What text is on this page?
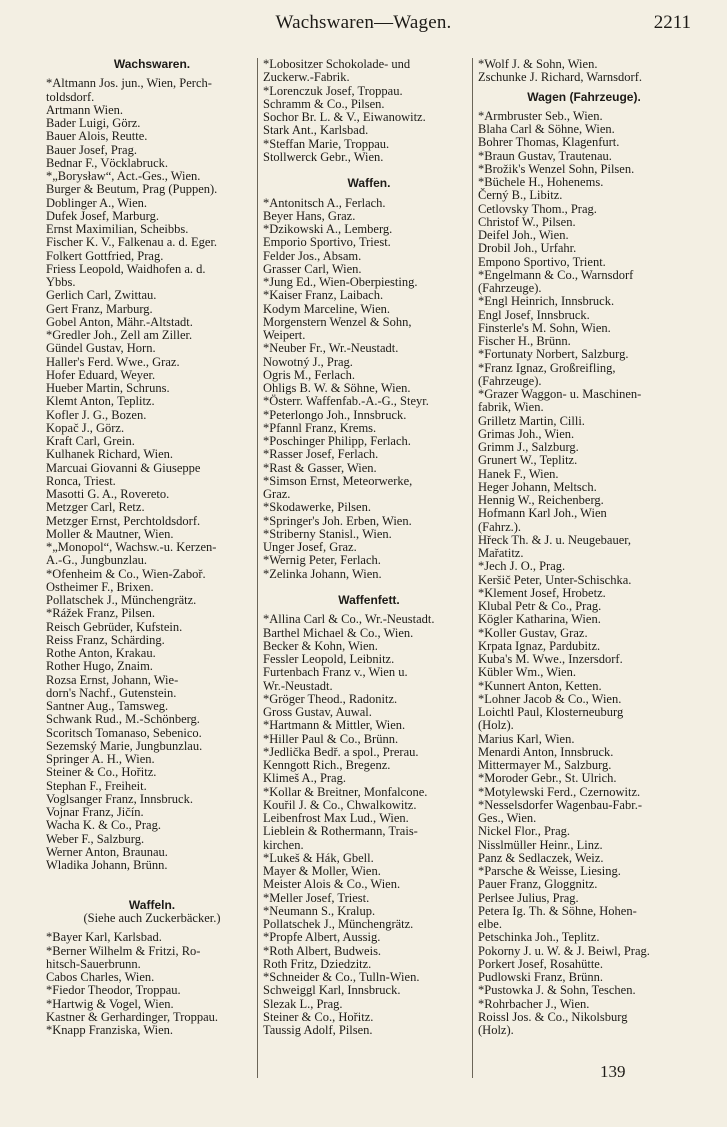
Wachswaren—Wagen.	2211
Wachswaren.
*Altmann Jos. jun., Wien, Perch-
toldsdorf.
Artmann Wien.
Bader Luigi, Görz.
Bauer Alois, Reutte.
Bauer Josef, Prag.
Bednar F., Vöcklabruck.
*„Borysław“, Act.-Ges., Wien.
Burger & Beutum, Prag (Puppen).
Doblinger A., Wien.
Dufek Josef, Marburg.
Ernst Maximilian, Scheibbs.
Fischer K. V., Falkenau a. d. Eger.
Folkert Gottfried, Prag.
Friess Leopold, Waidhofen a. d.
Ybbs.
Gerlich Carl, Zwittau.
Gert Franz, Marburg.
Gobel Anton, Mähr.-Altstadt.
*Gredler Joh., Zell am Ziller.
Gündel Gustav, Horn.
Haller's Ferd. Wwe., Graz.
Hofer Eduard, Weyer.
Hueber Martin, Schruns.
Klemt Anton, Teplitz.
Kofler J. G., Bozen.
Kopač J., Görz.
Kraft Carl, Grein.
Kulhanek Richard, Wien.
Marcuai Giovanni & Giuseppe
Ronca, Triest.
Masotti G. A., Rovereto.
Metzger Carl, Retz.
Metzger Ernst, Perchtoldsdorf.
Moller & Mautner, Wien.
*„Monopol“, Wachsw.-u. Kerzen-
A.-G., Jungbunzlau.
*Ofenheim & Co., Wien-Zaboř.
Ostheimer F., Brixen.
Pollatschek J., Münchengrätz.
*Rážek Franz, Pilsen.
Reisch Gebrüder, Kufstein.
Reiss Franz, Schärding.
Rothe Anton, Krakau.
Rother Hugo, Znaim.
Rozsa Ernst, Johann, Wie-
dorn's Nachf., Gutenstein.
Santner Aug., Tamsweg.
Schwank Rud., M.-Schönberg.
Scoritsch Tomanaso, Sebenico.
Sezemský Marie, Jungbunzlau.
Springer A. H., Wien.
Steiner & Co., Hořitz.
Stephan F., Freiheit.
Voglsanger Franz, Innsbruck.
Vojnar Franz, Jičín.
Wacha K. & Co., Prag.
Weber F., Salzburg.
Werner Anton, Braunau.
Wladika Johann, Brünn.
Waffeln.
(Siehe auch Zuckerbäcker.)
*Bayer Karl, Karlsbad.
*Berner Wilhelm & Fritzi, Ro-
hitsch-Sauerbrunn.
Cabos Charles, Wien.
*Fiedor Theodor, Troppau.
*Hartwig & Vogel, Wien.
Kastner & Gerhardinger, Troppau.
*Knapp Franziska, Wien.
*Lobositzer Schokolade- und
Zuckerw.-Fabrik.
*Lorenczuk Josef, Troppau.
Schramm & Co., Pilsen.
Sochor Br. L. & V., Eiwanowitz.
Stark Ant., Karlsbad.
*Steffan Marie, Troppau.
Stollwerck Gebr., Wien.
Waffen.
*Antonitsch A., Ferlach.
Beyer Hans, Graz.
*Dzikowski A., Lemberg.
Emporio Sportivo, Triest.
Felder Jos., Absam.
Grasser Carl, Wien.
*Jung Ed., Wien-Oberpiesting.
*Kaiser Franz, Laibach.
Kodym Marceline, Wien.
Morgenstern Wenzel & Sohn,
Weipert.
*Neuber Fr., Wr.-Neustadt.
Nowotný J., Prag.
Ogris M., Ferlach.
Ohligs B. W. & Söhne, Wien.
*Österr. Waffenfab.-A.-G., Steyr.
*Peterlongo Joh., Innsbruck.
*Pfannl Franz, Krems.
*Poschinger Philipp, Ferlach.
*Rasser Josef, Ferlach.
*Rast & Gasser, Wien.
*Simson Ernst, Meteorwerke,
Graz.
*Skodawerke, Pilsen.
*Springer's Joh. Erben, Wien.
*Striberny Stanisl., Wien.
Unger Josef, Graz.
*Wernig Peter, Ferlach.
*Zelinka Johann, Wien.
Waffenfett.
*Allina Carl & Co., Wr.-Neustadt.
Barthel Michael & Co., Wien.
Becker & Kohn, Wien.
Fessler Leopold, Leibnitz.
Furtenbach Franz v., Wien u.
Wr.-Neustadt.
*Gröger Theod., Radonitz.
Gross Gustav, Auwal.
*Hartmann & Mittler, Wien.
*Hiller Paul & Co., Brünn.
*Jedlička Bedř. a spol., Prerau.
Kenngott Rich., Bregenz.
Klimeš A., Prag.
*Kollar & Breitner, Monfalcone.
Kouřil J. & Co., Chwalkowitz.
Leibenfrost Max Lud., Wien.
Lieblein & Rothermann, Trais-
kirchen.
*Lukeš & Hák, Gbell.
Mayer & Moller, Wien.
Meister Alois & Co., Wien.
*Meller Josef, Triest.
*Neumann S., Kralup.
Pollatschek J., Münchengrätz.
*Propfe Albert, Aussig.
*Roth Albert, Budweis.
Roth Fritz, Dziedzitz.
*Schneider & Co., Tulln-Wien.
Schweiggl Karl, Innsbruck.
Slezak L., Prag.
Steiner & Co., Hořitz.
Taussig Adolf, Pilsen.
*Wolf J. & Sohn, Wien.
Zschunke J. Richard, Warnsdorf.
Wagen (Fahrzeuge).
*Armbruster Seb., Wien.
Blaha Carl & Söhne, Wien.
Bohrer Thomas, Klagenfurt.
*Braun Gustav, Trautenau.
*Brožik's Wenzel Sohn, Pilsen.
*Büchele H., Hohenems.
Černý B., Libitz.
Cetlovsky Thom., Prag.
Christof W., Pilsen.
Deifel Joh., Wien.
Drobil Joh., Urfahr.
Empono Sportivo, Trient.
*Engelmann & Co., Warnsdorf
(Fahrzeuge).
*Engl Heinrich, Innsbruck.
Engl Josef, Innsbruck.
Finsterle's M. Sohn, Wien.
Fischer H., Brünn.
*Fortunaty Norbert, Salzburg.
*Franz Ignaz, Großreifling,
(Fahrzeuge).
*Grazer Waggon- u. Maschinen-
fabrik, Wien.
Grilletz Martin, Cilli.
Grimas Joh., Wien.
Grimm J., Salzburg.
Grunert W., Teplitz.
Hanek F., Wien.
Heger Johann, Meltsch.
Hennig W., Reichenberg.
Hofmann Karl Joh., Wien
(Fahrz.).
Hřeck Th. & J. u. Neugebauer,
Mařatitz.
*Jech J. O., Prag.
Keršič Peter, Unter-Schischka.
*Klement Josef, Hrobetz.
Klubal Petr & Co., Prag.
Kögler Katharina, Wien.
*Koller Gustav, Graz.
Krpata Ignaz, Pardubitz.
Kuba's M. Wwe., Inzersdorf.
Kübler Wm., Wien.
*Kunnert Anton, Ketten.
*Lohner Jacob & Co., Wien.
Loichtl Paul, Klosterneuburg
(Holz).
Marius Karl, Wien.
Menardi Anton, Innsbruck.
Mittermayer M., Salzburg.
*Moroder Gebr., St. Ulrich.
*Motylewski Ferd., Czernowitz.
*Nesselsdorfer Wagenbau-Fabr.-
Ges., Wien.
Nickel Flor., Prag.
Nisslmüller Heinr., Linz.
Panz & Sedlaczek, Weiz.
*Parsche & Weisse, Liesing.
Pauer Franz, Gloggnitz.
Perlsee Julius, Prag.
Petera Ig. Th. & Söhne, Hohen-
elbe.
Petschinka Joh., Teplitz.
Pokorny J. u. W. & J. Beiwl, Prag.
Porkert Josef, Rosahütte.
Pudlowski Franz, Brünn.
*Pustowka J. & Sohn, Teschen.
*Rohrbacher J., Wien.
Roissl Jos. & Co., Nikolsburg
(Holz).
139
